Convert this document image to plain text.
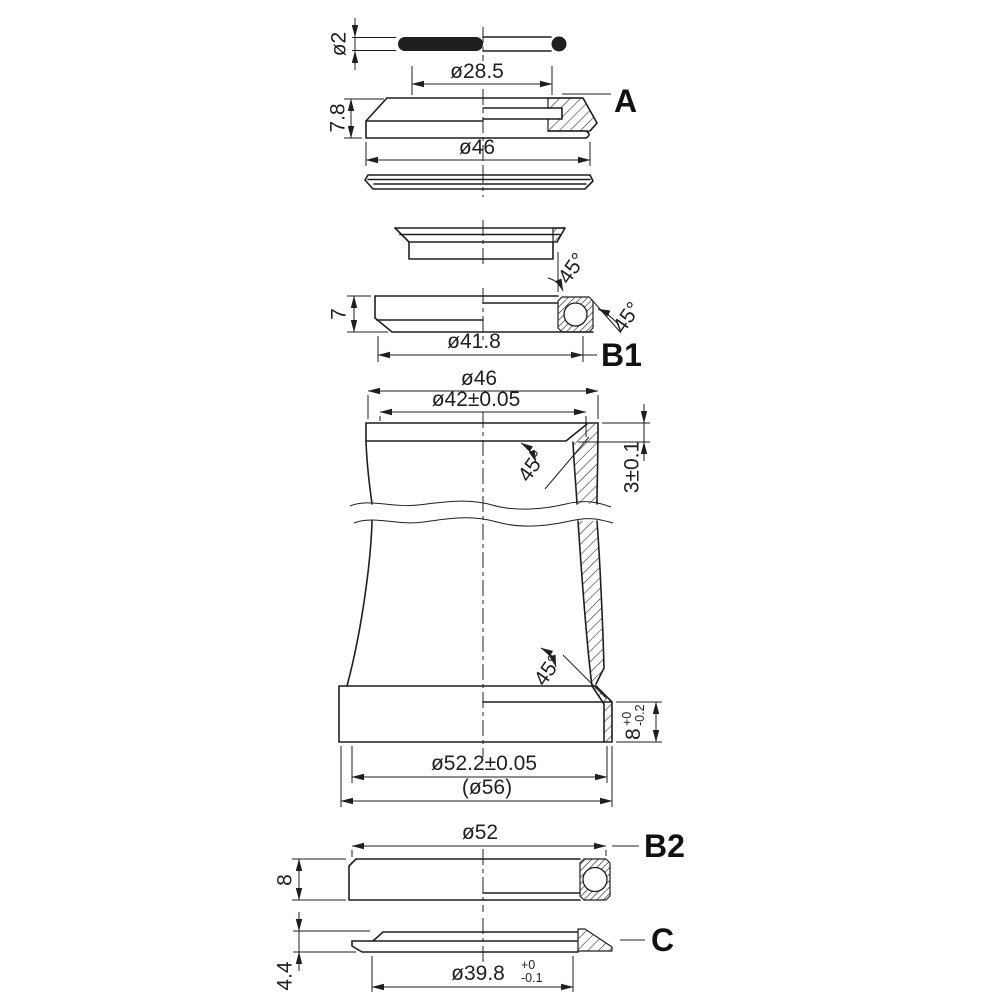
ø2
ø28.5
A
7.8
ø46
45°
45°
7
ø41.8	B1
ø46
ø42±0.05
45°	3±0.1
45°
8
+0 -0.2
ø52.2±0.05
(ø56)
ø52	B2
8
C
4.4	ø39.8 +0
-0.1
